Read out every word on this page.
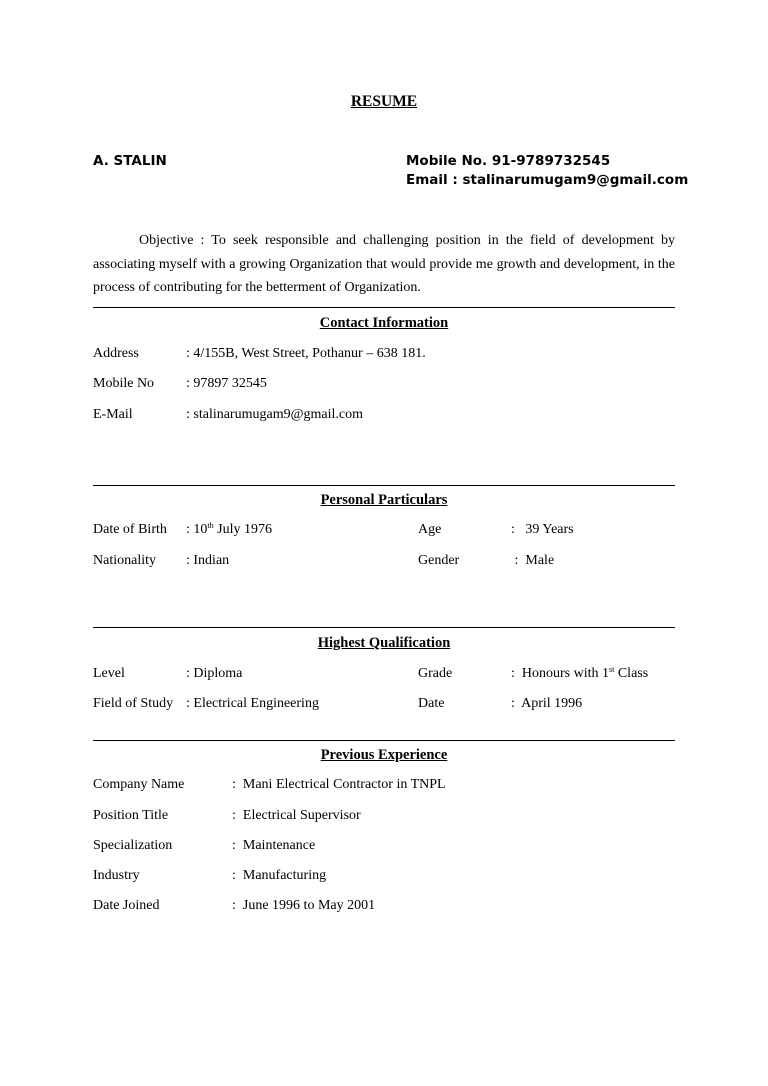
RESUME
A. STALIN	Mobile No. 91-9789732545
Email : stalinarumugam9@gmail.com
Objective : To seek responsible and challenging position in the field of development by associating myself with a growing Organization that would provide me growth and development, in the process of contributing for the betterment of Organization.
Contact Information
Address	: 4/155B, West Street, Pothanur – 638 181.
Mobile No : 97897 32545
E-Mail	: stalinarumugam9@gmail.com
Personal Particulars
Date of Birth : 10th July 1976	Age	:   39 Years
Nationality : Indian	Gender	:  Male
Highest Qualification
Level	: Diploma	Grade	:  Honours with 1st Class
Field of Study : Electrical Engineering	Date	:  April 1996
Previous Experience
Company Name	:  Mani Electrical Contractor in TNPL
Position Title	:  Electrical Supervisor
Specialization	:  Maintenance
Industry	:  Manufacturing
Date Joined	:  June 1996 to May 2001
